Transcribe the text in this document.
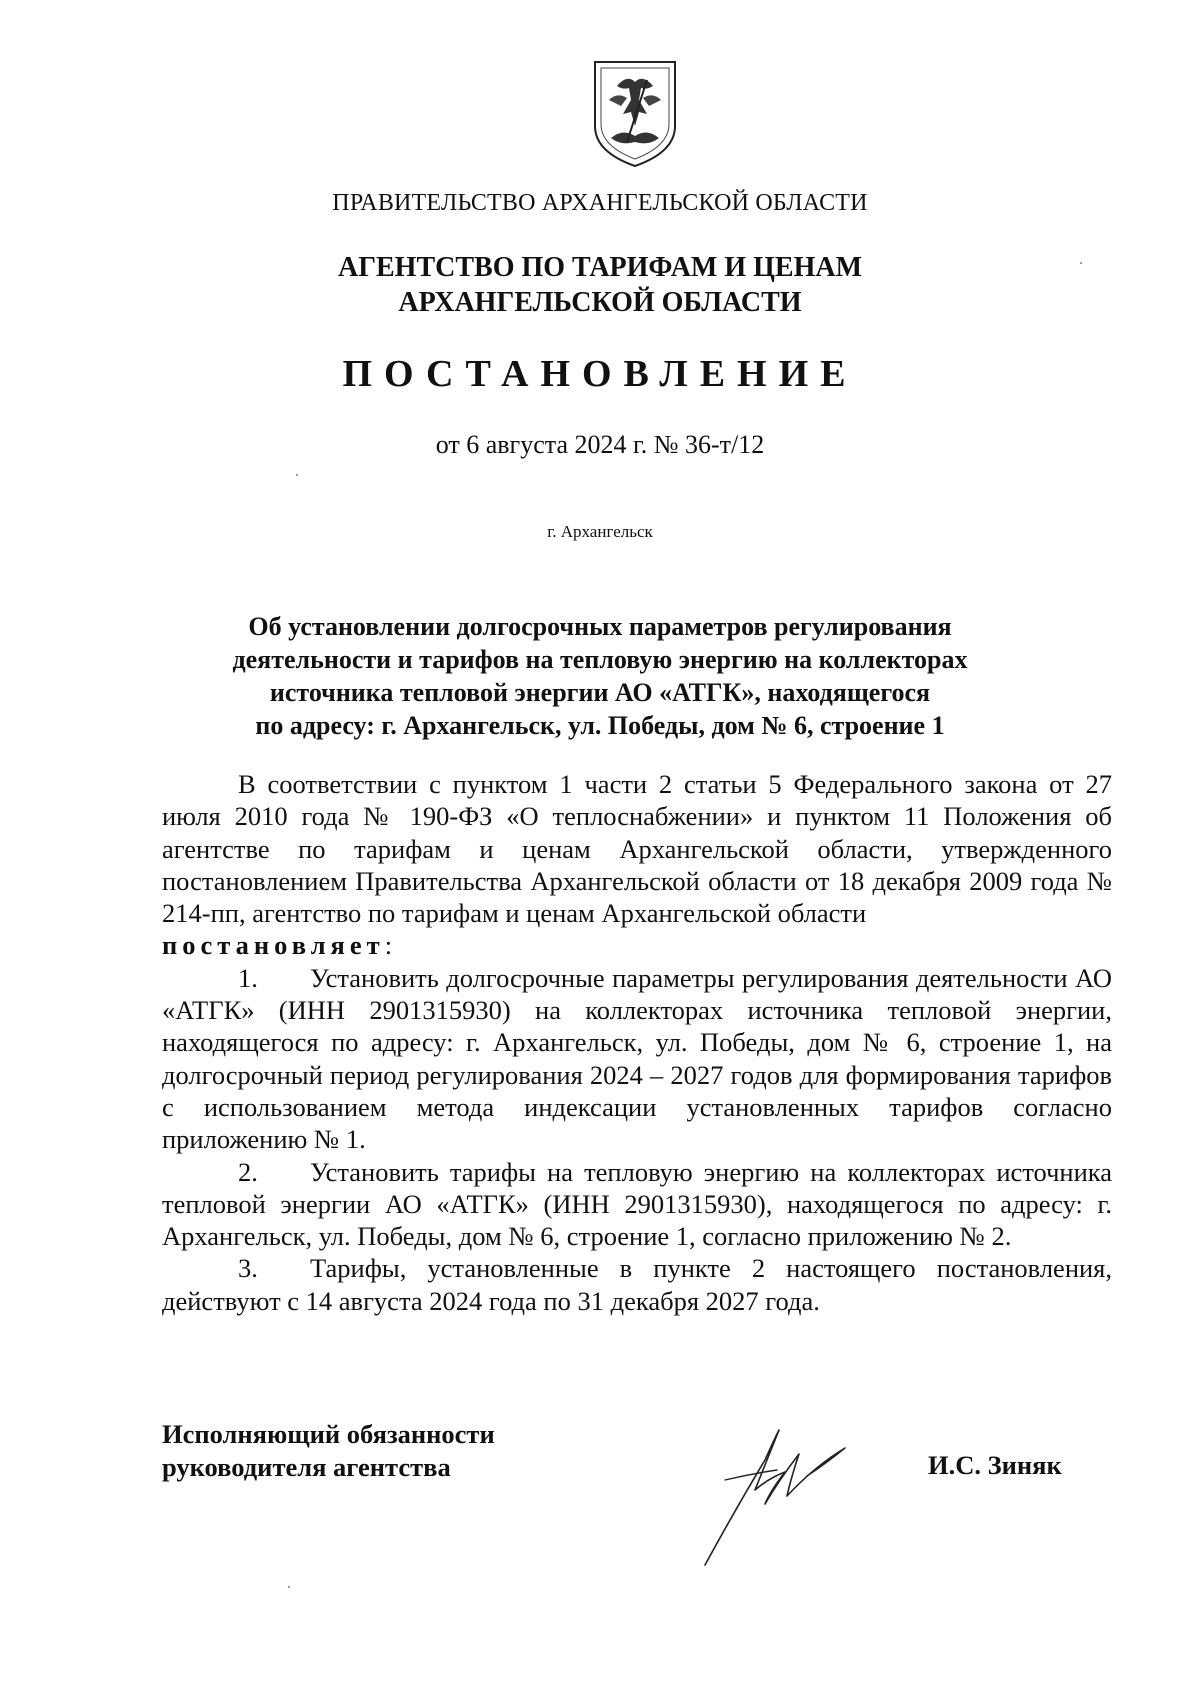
ПРАВИТЕЛЬСТВО АРХАНГЕЛЬСКОЙ ОБЛАСТИ
АГЕНТСТВО ПО ТАРИФАМ И ЦЕНАМ
АРХАНГЕЛЬСКОЙ ОБЛАСТИ
ПОСТАНОВЛЕНИЕ
от 6 августа 2024 г. № 36-т/12
г. Архангельск
Об установлении долгосрочных параметров регулирования
деятельности и тарифов на тепловую энергию на коллекторах
источника тепловой энергии АО «АТГК», находящегося
по адресу: г. Архангельск, ул. Победы, дом № 6, строение 1

В соответствии с пунктом 1 части 2 статьи 5 Федерального закона от 27 июля 2010 года № 190-ФЗ «О теплоснабжении» и пунктом 11 Положения об агентстве по тарифам и ценам Архангельской области, утвержденного постановлением Правительства Архангельской области от 18 декабря 2009 года № 214-пп, агентство по тарифам и ценам Архангельской области
постановляет:

1. Установить долгосрочные параметры регулирования деятельности АО «АТГК» (ИНН 2901315930) на коллекторах источника тепловой энергии, находящегося по адресу: г. Архангельск, ул. Победы, дом № 6, строение 1, на долгосрочный период регулирования 2024 – 2027 годов для формирования тарифов с использованием метода индексации установленных тарифов согласно приложению № 1.

2. Установить тарифы на тепловую энергию на коллекторах источника тепловой энергии АО «АТГК» (ИНН 2901315930), находящегося по адресу: г. Архангельск, ул. Победы, дом № 6, строение 1, согласно приложению № 2.

3. Тарифы, установленные в пункте 2 настоящего постановления, действуют с 14 августа 2024 года по 31 декабря 2027 года.

Исполняющий обязанности
руководителя агентства	И.С. Зиняк
